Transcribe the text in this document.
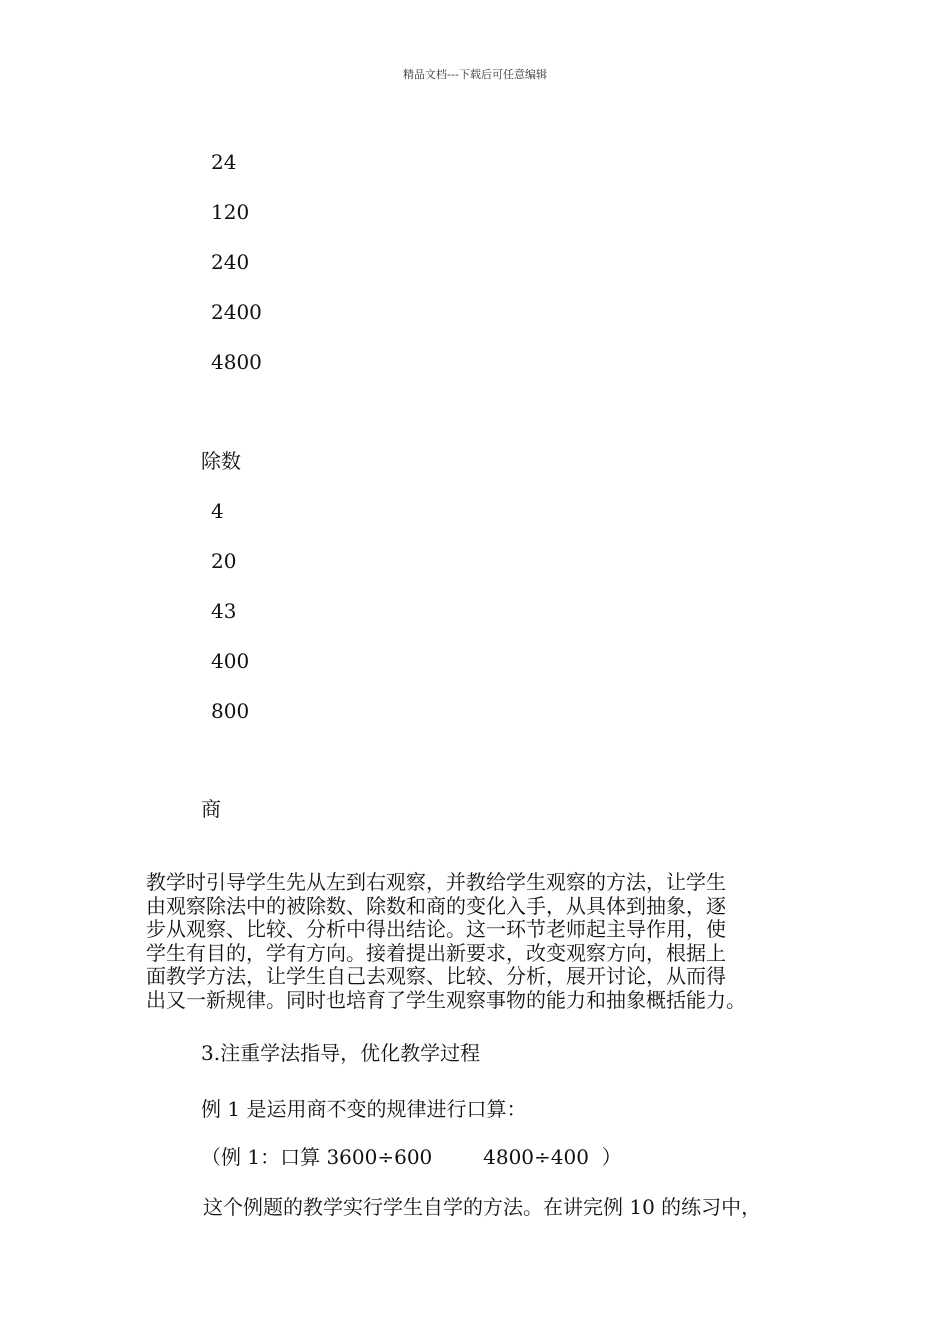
精品文档---下载后可任意编辑
24
120
240
2400
4800
除数
4
20
43
400
800
商
教学时引导学生先从左到右观察，并教给学生观察的方法，让学生
由观察除法中的被除数、除数和商的变化入手，从具体到抽象，逐
步从观察、比较、分析中得出结论。这一环节老师起主导作用，使
学生有目的，学有方向。接着提出新要求，改变观察方向，根据上
面教学方法，让学生自己去观察、比较、分析，展开讨论，从而得
出又一新规律。同时也培育了学生观察事物的能力和抽象概括能力。
3.注重学法指导，优化教学过程
例 1 是运用商不变的规律进行口算：
（例 1：口算 3600÷600        4800÷400  ）
这个例题的教学实行学生自学的方法。在讲完例 10 的练习中，
